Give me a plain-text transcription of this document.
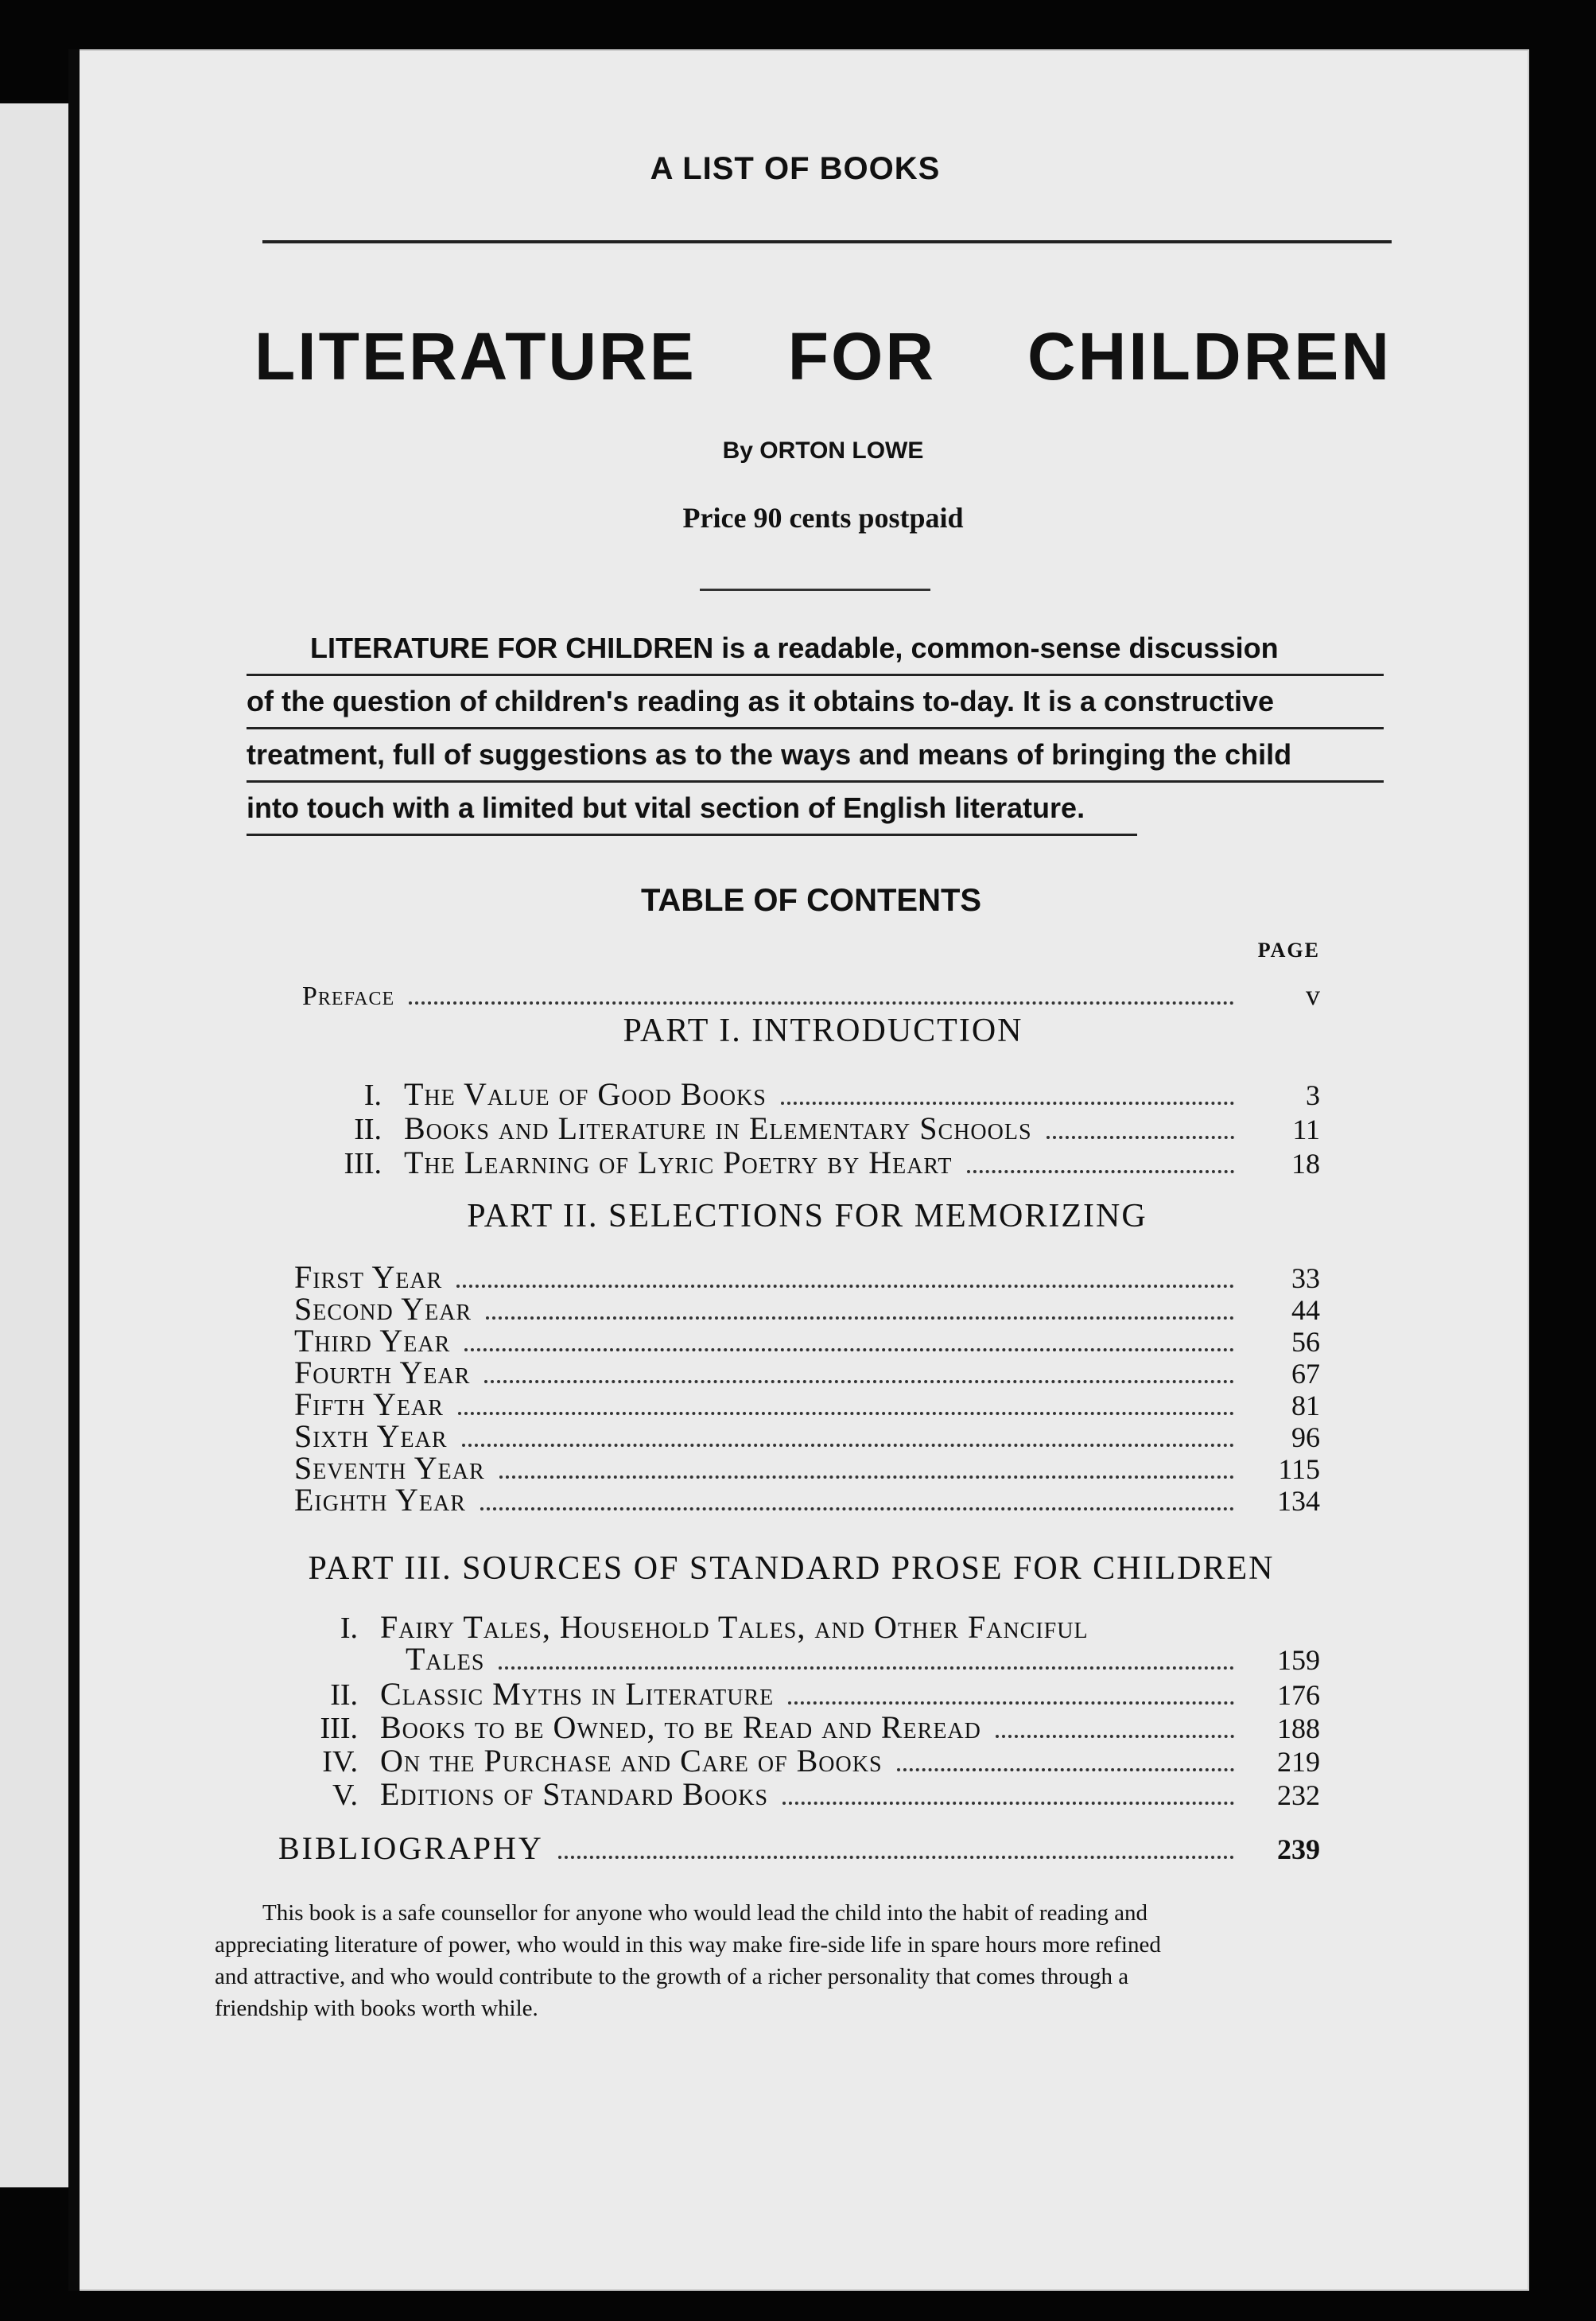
A LIST OF BOOKS
LITERATURE FOR CHILDREN
By ORTON LOWE
Price 90 cents postpaid
LITERATURE FOR CHILDREN is a readable, common-sense discussion
of the question of children's reading as it obtains to-day. It is a constructive
treatment, full of suggestions as to the ways and means of bringing the child
into touch with a limited but vital section of English literature.
TABLE OF CONTENTS
PAGE
Preface	v
PART I. INTRODUCTION
I. The Value of Good Books	3
II. Books and Literature in Elementary Schools	11
III. The Learning of Lyric Poetry by Heart	18
PART II. SELECTIONS FOR MEMORIZING
First Year	33
Second Year	44
Third Year	56
Fourth Year	67
Fifth Year	81
Sixth Year	96
Seventh Year	115
Eighth Year	134
PART III. SOURCES OF STANDARD PROSE FOR CHILDREN
I. Fairy Tales, Household Tales, and Other Fanciful
Tales	159
II. Classic Myths in Literature	176
III. Books to be Owned, to be Read and Reread	188
IV. On the Purchase and Care of Books	219
V. Editions of Standard Books	232
BIBLIOGRAPHY	239
This book is a safe counsellor for anyone who would lead the child into the habit of reading and
appreciating literature of power, who would in this way make fire-side life in spare hours more refined
and attractive, and who would contribute to the growth of a richer personality that comes through a
friendship with books worth while.
